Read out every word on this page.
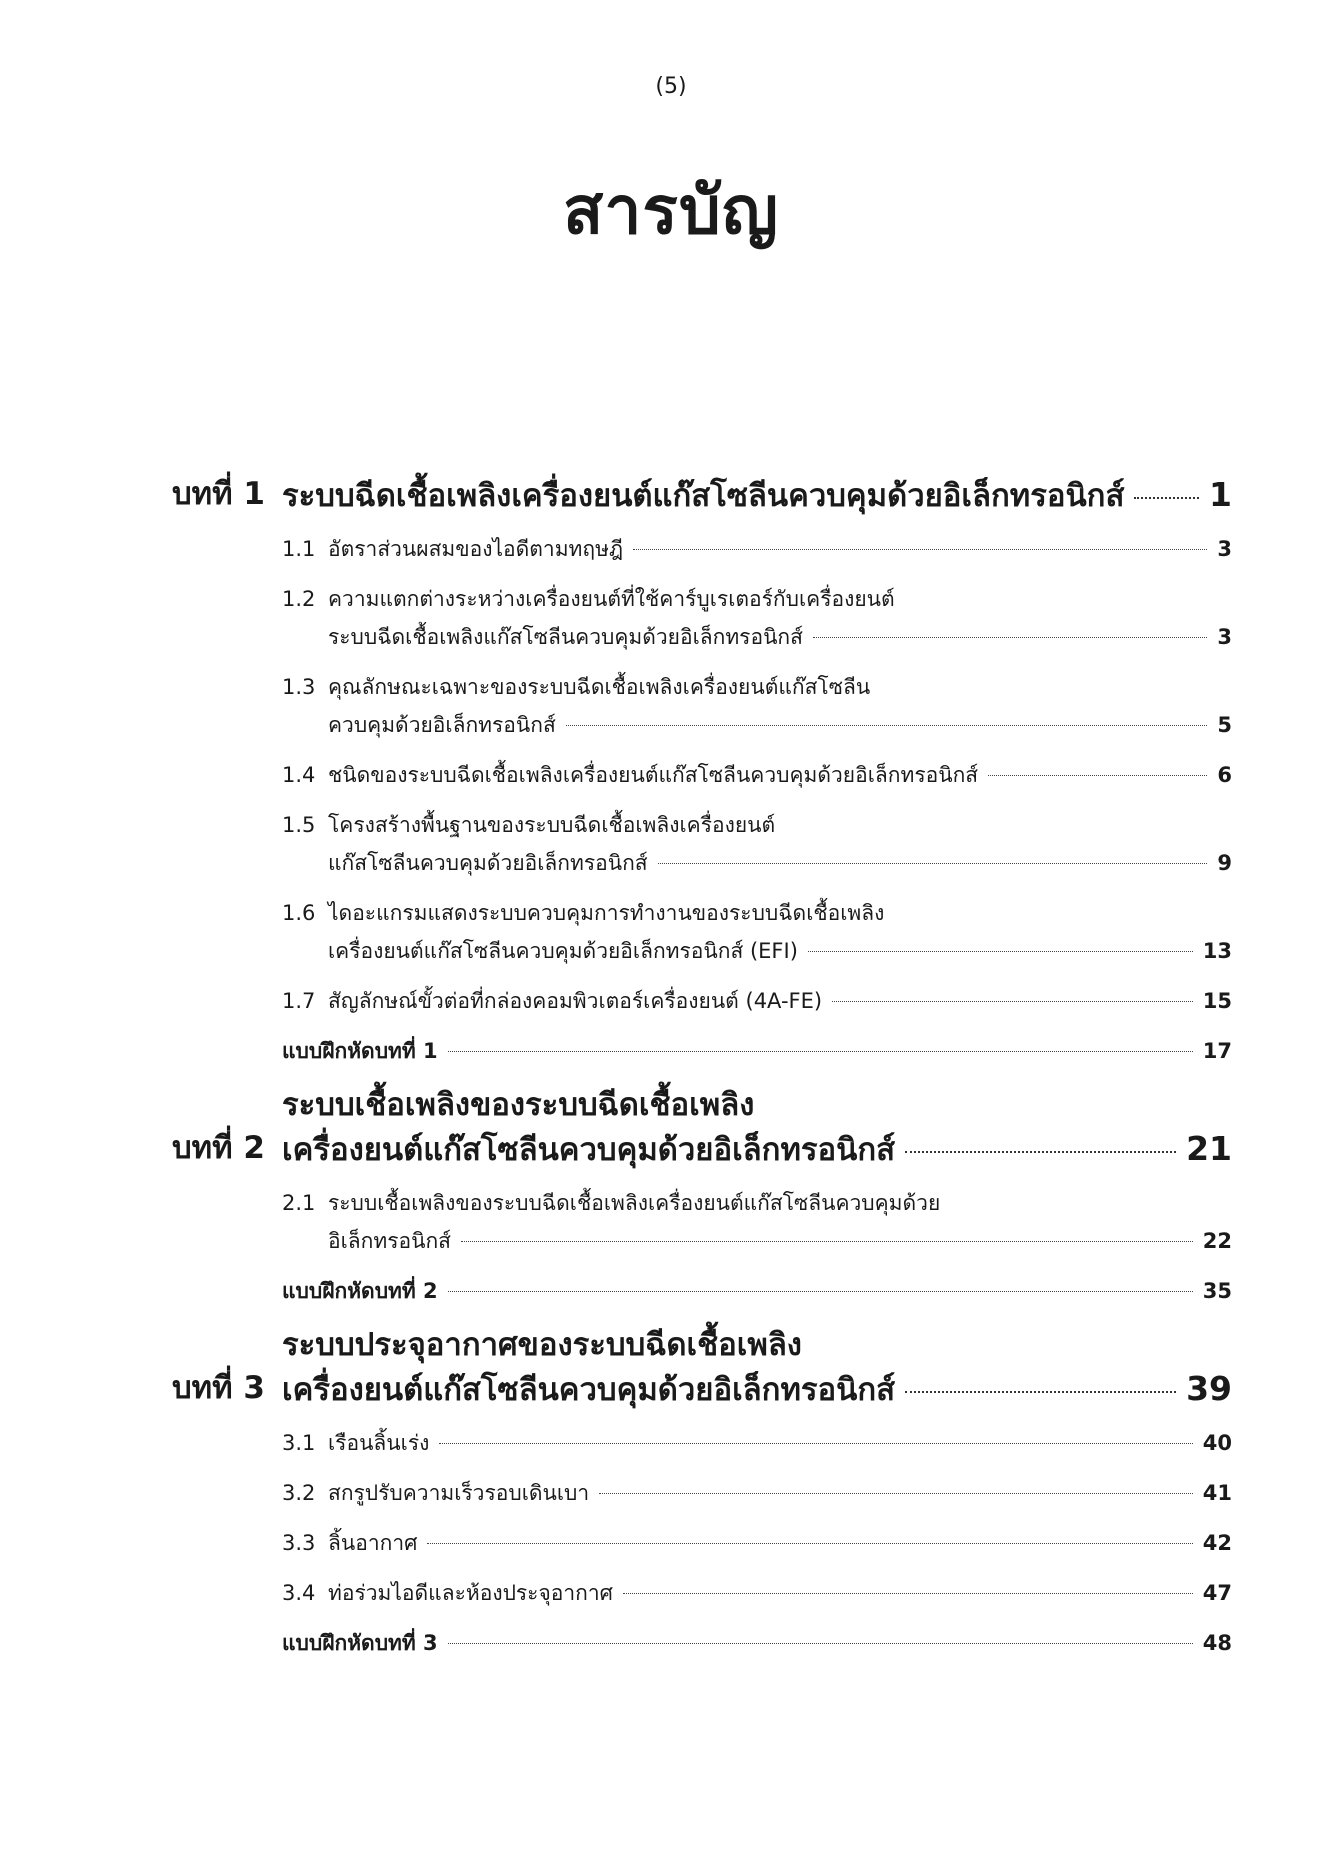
(5)
สารบัญ
บทที่ 1 ระบบฉีดเชื้อเพลิงเครื่องยนต์แก๊สโซลีนควบคุมด้วยอิเล็กทรอนิกส์	1
1.1 อัตราส่วนผสมของไอดีตามทฤษฎี	3
1.2 ความแตกต่างระหว่างเครื่องยนต์ที่ใช้คาร์บูเรเตอร์กับเครื่องยนต์
ระบบฉีดเชื้อเพลิงแก๊สโซลีนควบคุมด้วยอิเล็กทรอนิกส์	3
1.3 คุณลักษณะเฉพาะของระบบฉีดเชื้อเพลิงเครื่องยนต์แก๊สโซลีน
ควบคุมด้วยอิเล็กทรอนิกส์	5
1.4 ชนิดของระบบฉีดเชื้อเพลิงเครื่องยนต์แก๊สโซลีนควบคุมด้วยอิเล็กทรอนิกส์	6
1.5 โครงสร้างพื้นฐานของระบบฉีดเชื้อเพลิงเครื่องยนต์
แก๊สโซลีนควบคุมด้วยอิเล็กทรอนิกส์	9
1.6 ไดอะแกรมแสดงระบบควบคุมการทำงานของระบบฉีดเชื้อเพลิง
เครื่องยนต์แก๊สโซลีนควบคุมด้วยอิเล็กทรอนิกส์ (EFI)	13
1.7 สัญลักษณ์ขั้วต่อที่กล่องคอมพิวเตอร์เครื่องยนต์ (4A-FE)	15
แบบฝึกหัดบทที่ 1	17
บทที่ 2
ระบบเชื้อเพลิงของระบบฉีดเชื้อเพลิง
เครื่องยนต์แก๊สโซลีนควบคุมด้วยอิเล็กทรอนิกส์	21
2.1 ระบบเชื้อเพลิงของระบบฉีดเชื้อเพลิงเครื่องยนต์แก๊สโซลีนควบคุมด้วย
อิเล็กทรอนิกส์	22
แบบฝึกหัดบทที่ 2	35
บทที่ 3
ระบบประจุอากาศของระบบฉีดเชื้อเพลิง
เครื่องยนต์แก๊สโซลีนควบคุมด้วยอิเล็กทรอนิกส์	39
3.1 เรือนลิ้นเร่ง	40
3.2 สกรูปรับความเร็วรอบเดินเบา	41
3.3 ลิ้นอากาศ	42
3.4 ท่อร่วมไอดีและห้องประจุอากาศ	47
แบบฝึกหัดบทที่ 3	48
